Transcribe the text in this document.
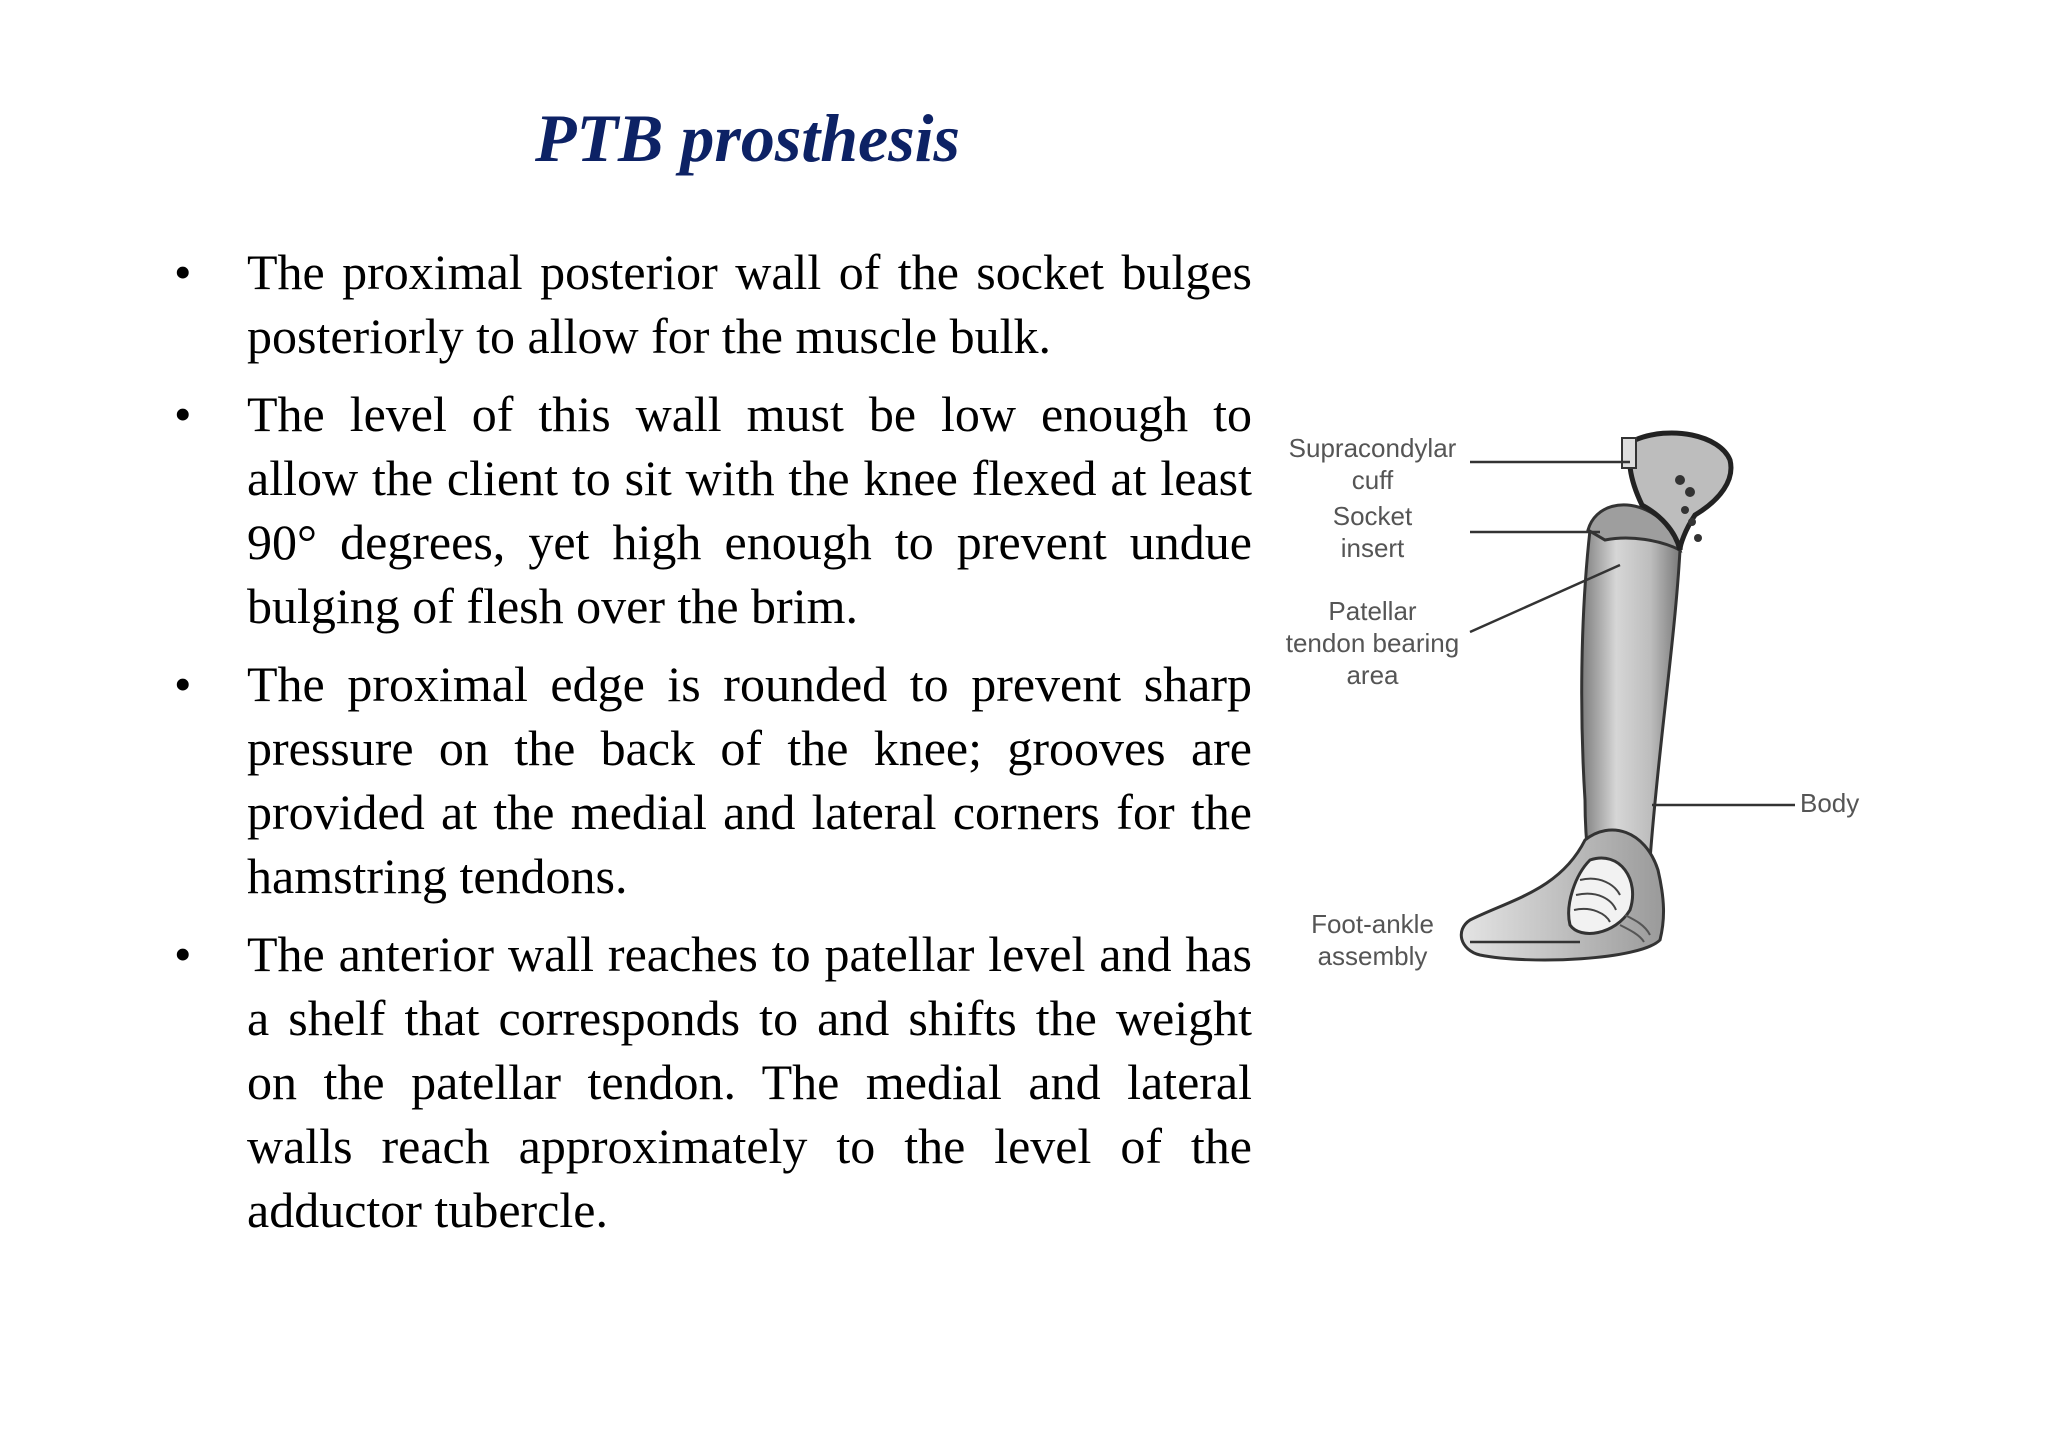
PTB prosthesis
• The proximal posterior wall of the socket bulges posteriorly to allow for the muscle bulk.
• The level of this wall must be low enough to allow the client to sit with the knee flexed at least 90° degrees, yet high enough to prevent undue bulging of flesh over the brim.
• The proximal edge is rounded to prevent sharp pressure on the back of the knee; grooves are provided at the medial and lateral corners for the hamstring tendons.
• The anterior wall reaches to patellar level and has a shelf that corresponds to and shifts the weight on the patellar tendon. The medial and lateral walls reach approximately to the level of the adductor tubercle.
Supracondylar
cuff
Socket
insert
Patellar
tendon bearing
area
Body
Foot-ankle
assembly
